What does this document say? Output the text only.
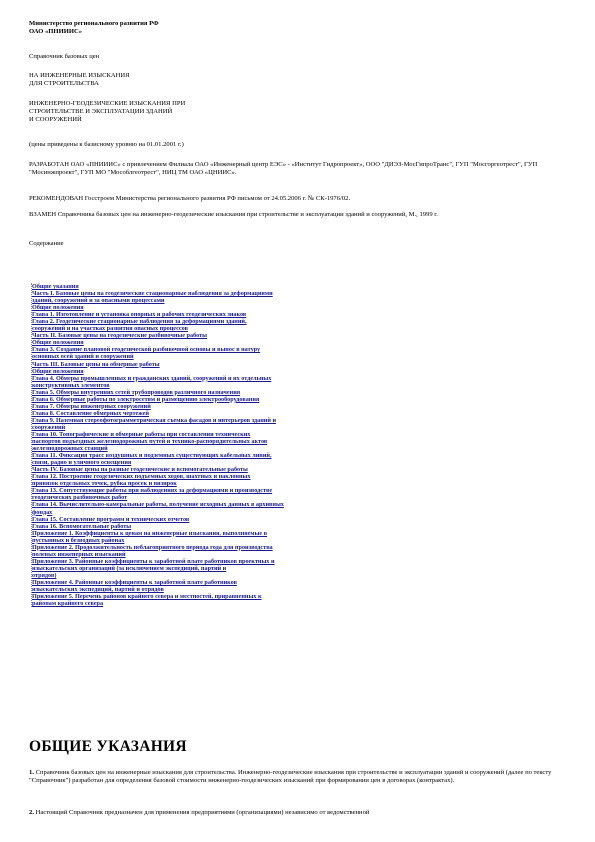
Министерство регионального развития РФ

ОАО «ПНИИИС»

Справочник базовых цен

НА ИНЖЕНЕРНЫЕ ИЗЫСКАНИЯ

ДЛЯ СТРОИТЕЛЬСТВА

ИНЖЕНЕРНО-ГЕОДЕЗИЧЕСКИЕ ИЗЫСКАНИЯ ПРИ

СТРОИТЕЛЬСТВЕ И ЭКСПЛУАТАЦИИ ЗДАНИЙ

И СООРУЖЕНИЙ

(цены приведены к базисному уровню на 01.01.2001 г.)

РАЗРАБОТАН ОАО «ПНИИИС» с привлечением Филиала ОАО «Инженерный центр ЕЭС» - «Институт Гидропроект», ООО "ДИЭЗ-МосГипроТранс", ГУП "Мосгоргеотрест", ГУП "Мосинжпроект", ГУП МО "Мособлгеотрест", НИЦ ТМ ОАО «ЦНИИС».

РЕКОМЕНДОВАН Госстроем Министерства регионального развития РФ письмом от 24.05.2006 г. № СК-1976/02.

ВЗАМЕН Справочника базовых цен на инженерно-геодезические изыскания при строительстве и эксплуатации зданий и сооружений, М., 1999 г.

Содержание

Общие указания
Часть I. Базовые цены на геодезические стационарные наблюдения за деформациями
зданий, сооружений и за опасными процессами
Общие положения
Глава 1. Изготовление и установка опорных и рабочих геодезических знаков
Глава 2. Геодезические стационарные наблюдения за деформациями зданий,
сооружений и на участках развития опасных процессов
Часть II. Базовые цены на геодезические разбивочные работы
Общие положения
Глава 3. Создание плановой геодезической разбивочной основы и вынос в натуру
основных осей зданий и сооружений
Часть III. Базовые цены на обмерные работы
Общие положения
Глава 4. Обмеры промышленных и гражданских зданий, сооружений и их отдельных
конструктивных элементов
Глава 5. Обмеры внутренних сетей трубопроводов различного назначения
Глава 6. Обмерные работы по электросетям и размещению электрооборудования
Глава 7. Обмеры инженерных сооружений
Глава 8. Составление обмерных чертежей
Глава 9. Наземная стереофотограмметрическая съемка фасадов и интерьеров зданий и
сооружений
Глава 10. Топографические и обмерные работы при составлении технических
паспортов подъездных железнодорожных путей и технико-распорядительных актов
железнодорожных станций
Глава 11. Фиксация трасс воздушных и подземных существующих кабельных линий,
связи, радио и уличного освещения
Часть IV. Базовые цены на разные геодезические и вспомогательные работы
Глава 12. Построение геодезических подъемных ходов, шахтных и наклонных
привязок отдельных точек, рубка просек и визирок
Глава 13. Сопутствующие работы при наблюдениях за деформациями и производстве
геодезических разбивочных работ
Глава 14. Вычислительно-камеральные работы, получение исходных данных в архивных
фондах
Глава 15. Составление программ и технических отчетов
Глава 16. Вспомогательные работы
Приложение 1. Коэффициенты к ценам на инженерные изыскания, выполняемые в
пустынных и безводных районах
Приложение 2. Продолжительность неблагоприятного периода года для производства
полевых инженерных изысканий
Приложение 3. Районные коэффициенты к заработной плате работников проектных и
изыскательских организаций (за исключением экспедиций, партий и
отрядов)
Приложение 4. Районные коэффициенты к заработной плате работников
изыскательских экспедиций, партий и отрядов
Приложение 5. Перечень районов крайнего севера и местностей, приравненных к
районам крайнего севера
ОБЩИЕ УКАЗАНИЯ

1. Справочник базовых цен на инженерные изыскания для строительства. Инженерно-геодезические изыскания при строительстве и эксплуатации зданий и сооружений (далее по тексту "Справочник") разработан для определения базовой стоимости инженерно-геодезических изысканий при формировании цен в договорах (контрактах).

2. Настоящий Справочник предназначен для применения предприятиями (организациями) независимо от ведомственной
